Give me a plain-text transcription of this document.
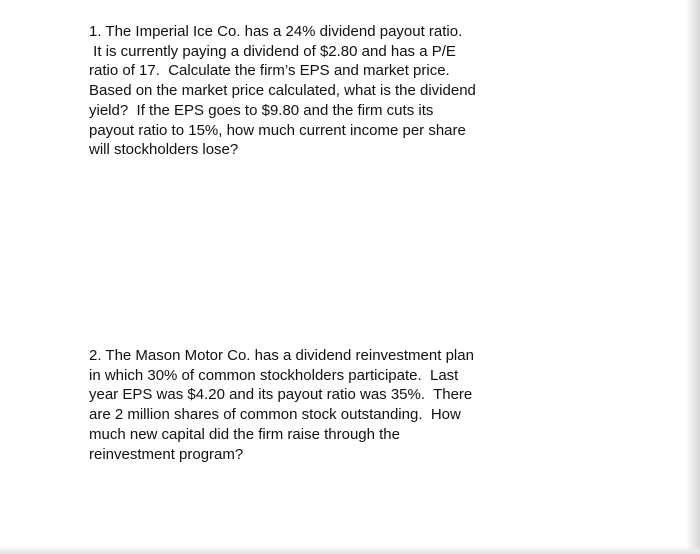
1. The Imperial Ice Co. has a 24% dividend payout ratio.
It is currently paying a dividend of $2.80 and has a P/E
ratio of 17.  Calculate the firm’s EPS and market price.
Based on the market price calculated, what is the dividend
yield?  If the EPS goes to $9.80 and the firm cuts its
payout ratio to 15%, how much current income per share
will stockholders lose?

2. The Mason Motor Co. has a dividend reinvestment plan
in which 30% of common stockholders participate.  Last
year EPS was $4.20 and its payout ratio was 35%.  There
are 2 million shares of common stock outstanding.  How
much new capital did the firm raise through the
reinvestment program?
